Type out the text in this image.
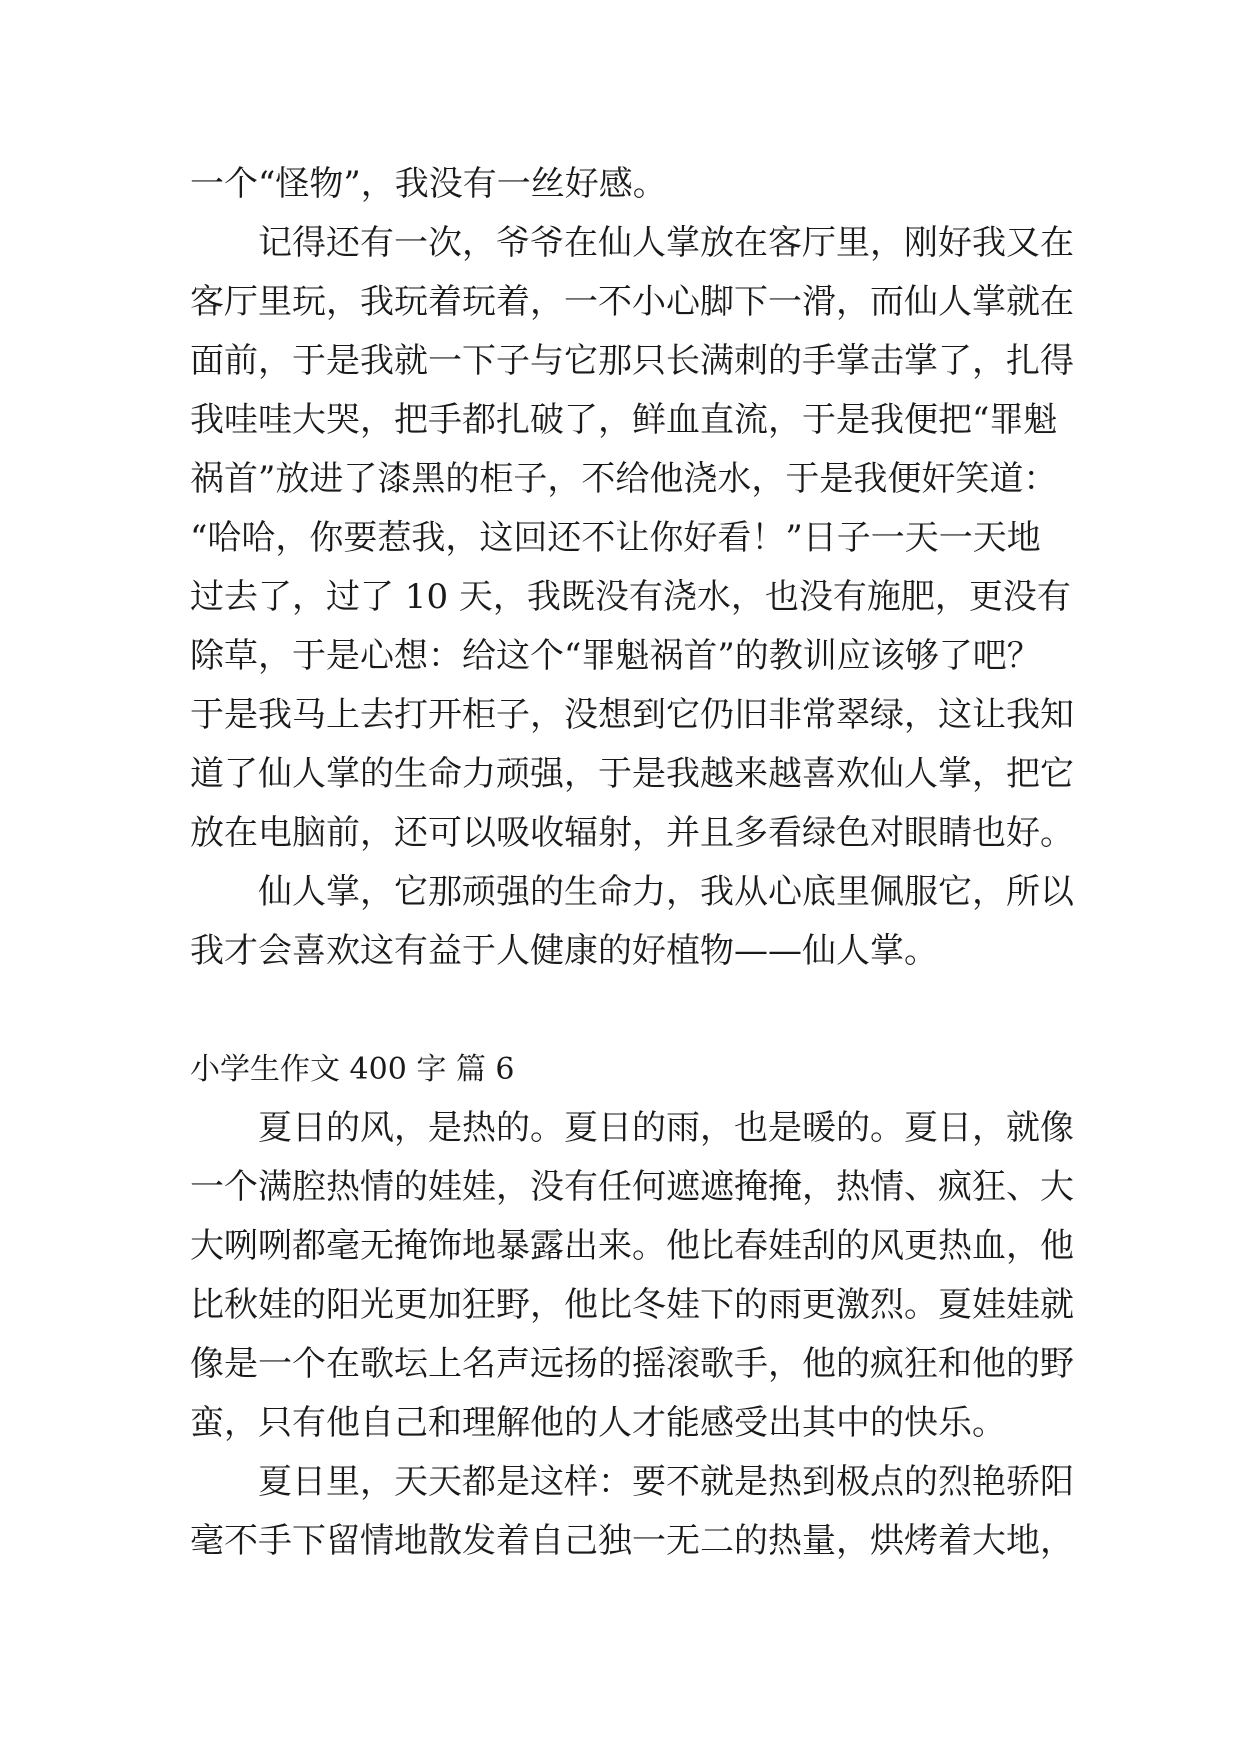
一个“怪物”，我没有一丝好感。
　　记得还有一次，爷爷在仙人掌放在客厅里，刚好我又在
客厅里玩，我玩着玩着，一不小心脚下一滑，而仙人掌就在
面前，于是我就一下子与它那只长满刺的手掌击掌了，扎得
我哇哇大哭，把手都扎破了，鲜血直流，于是我便把“罪魁
祸首”放进了漆黑的柜子，不给他浇水，于是我便奸笑道：
“哈哈，你要惹我，这回还不让你好看！”日子一天一天地
过去了，过了 10 天，我既没有浇水，也没有施肥，更没有
除草，于是心想：给这个“罪魁祸首”的教训应该够了吧？
于是我马上去打开柜子，没想到它仍旧非常翠绿，这让我知
道了仙人掌的生命力顽强，于是我越来越喜欢仙人掌，把它
放在电脑前，还可以吸收辐射，并且多看绿色对眼睛也好。
　　仙人掌，它那顽强的生命力，我从心底里佩服它，所以
我才会喜欢这有益于人健康的好植物——仙人掌。
小学生作文 400 字 篇 6
　　夏日的风，是热的。夏日的雨，也是暖的。夏日，就像
一个满腔热情的娃娃，没有任何遮遮掩掩，热情、疯狂、大
大咧咧都毫无掩饰地暴露出来。他比春娃刮的风更热血，他
比秋娃的阳光更加狂野，他比冬娃下的雨更激烈。夏娃娃就
像是一个在歌坛上名声远扬的摇滚歌手，他的疯狂和他的野
蛮，只有他自己和理解他的人才能感受出其中的快乐。
　　夏日里，天天都是这样：要不就是热到极点的烈艳骄阳
毫不手下留情地散发着自己独一无二的热量，烘烤着大地，
